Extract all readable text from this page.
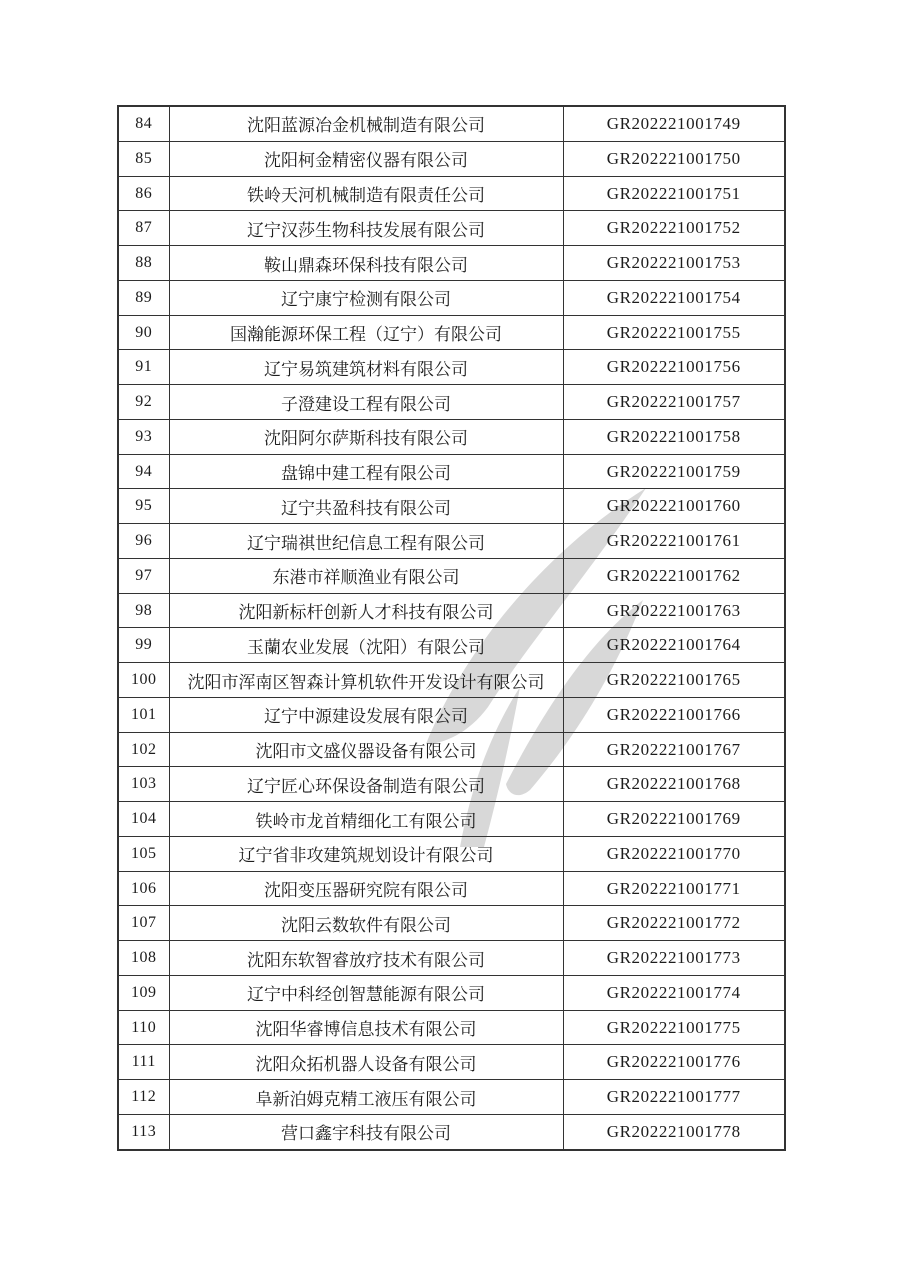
84	沈阳蓝源冶金机械制造有限公司	GR202221001749
85	沈阳柯金精密仪器有限公司	GR202221001750
86	铁岭天河机械制造有限责任公司	GR202221001751
87	辽宁汉莎生物科技发展有限公司	GR202221001752
88	鞍山鼎森环保科技有限公司	GR202221001753
89	辽宁康宁检测有限公司	GR202221001754
90	国瀚能源环保工程（辽宁）有限公司	GR202221001755
91	辽宁易筑建筑材料有限公司	GR202221001756
92	子澄建设工程有限公司	GR202221001757
93	沈阳阿尔萨斯科技有限公司	GR202221001758
94	盘锦中建工程有限公司	GR202221001759
95	辽宁共盈科技有限公司	GR202221001760
96	辽宁瑞祺世纪信息工程有限公司	GR202221001761
97	东港市祥顺渔业有限公司	GR202221001762
98	沈阳新标杆创新人才科技有限公司	GR202221001763
99	玉蘭农业发展（沈阳）有限公司	GR202221001764
100	沈阳市浑南区智森计算机软件开发设计有限公司	GR202221001765
101	辽宁中源建设发展有限公司	GR202221001766
102	沈阳市文盛仪器设备有限公司	GR202221001767
103	辽宁匠心环保设备制造有限公司	GR202221001768
104	铁岭市龙首精细化工有限公司	GR202221001769
105	辽宁省非攻建筑规划设计有限公司	GR202221001770
106	沈阳变压器研究院有限公司	GR202221001771
107	沈阳云数软件有限公司	GR202221001772
108	沈阳东软智睿放疗技术有限公司	GR202221001773
109	辽宁中科经创智慧能源有限公司	GR202221001774
110	沈阳华睿博信息技术有限公司	GR202221001775
111	沈阳众拓机器人设备有限公司	GR202221001776
112	阜新泊姆克精工液压有限公司	GR202221001777
113	营口鑫宇科技有限公司	GR202221001778
